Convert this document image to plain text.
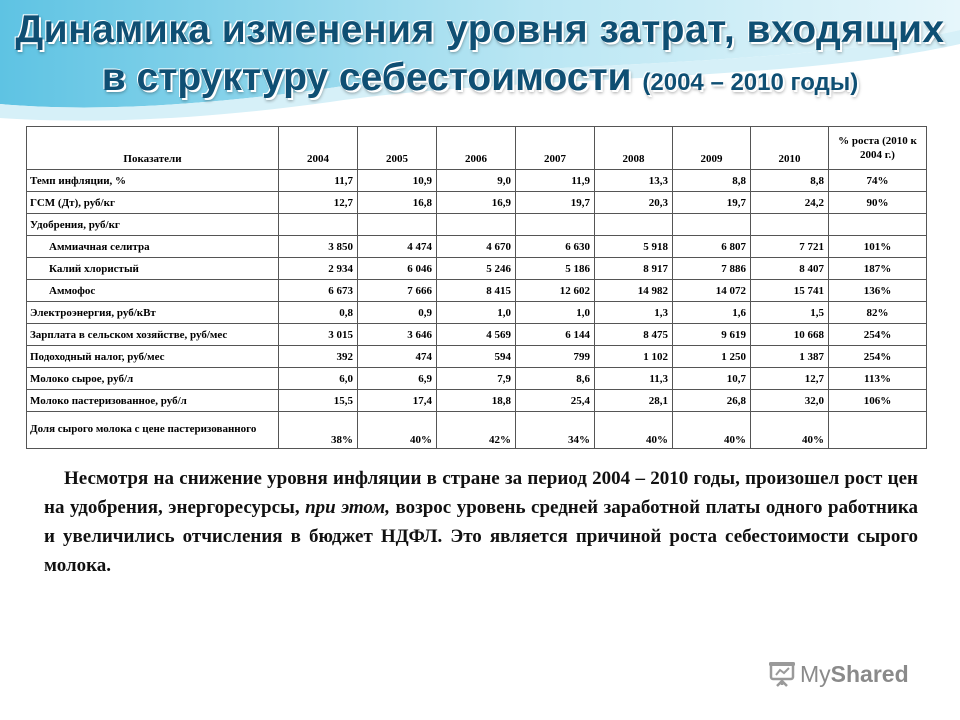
Динамика изменения уровня затрат, входящих
в структуру себестоимости (2004 – 2010 годы)
Показатели	2004	2005	2006	2007	2008	2009	2010	% роста (2010 к 2004 г.)
Темп инфляции, %	11,7	10,9	9,0	11,9	13,3	8,8	8,8	74%
ГСМ (Дт), руб/кг	12,7	16,8	16,9	19,7	20,3	19,7	24,2	90%
Удобрения, руб/кг								
Аммиачная селитра	3 850	4 474	4 670	6 630	5 918	6 807	7 721	101%
Калий хлористый	2 934	6 046	5 246	5 186	8 917	7 886	8 407	187%
Аммофос	6 673	7 666	8 415	12 602	14 982	14 072	15 741	136%
Электроэнергия, руб/кВт	0,8	0,9	1,0	1,0	1,3	1,6	1,5	82%
Зарплата в сельском хозяйстве, руб/мес	3 015	3 646	4 569	6 144	8 475	9 619	10 668	254%
Подоходный налог, руб/мес	392	474	594	799	1 102	1 250	1 387	254%
Молоко сырое, руб/л	6,0	6,9	7,9	8,6	11,3	10,7	12,7	113%
Молоко пастеризованное, руб/л	15,5	17,4	18,8	25,4	28,1	26,8	32,0	106%
Доля сырого молока с цене пастеризованного	38%	40%	42%	34%	40%	40%	40%	
Несмотря на снижение уровня инфляции в стране за период 2004 – 2010 годы, произошел рост цен на удобрения, энергоресурсы, при этом, возрос уровень средней заработной платы одного работника и увеличились отчисления в бюджет НДФЛ. Это является причиной роста себестоимости сырого молока.
My Shared
